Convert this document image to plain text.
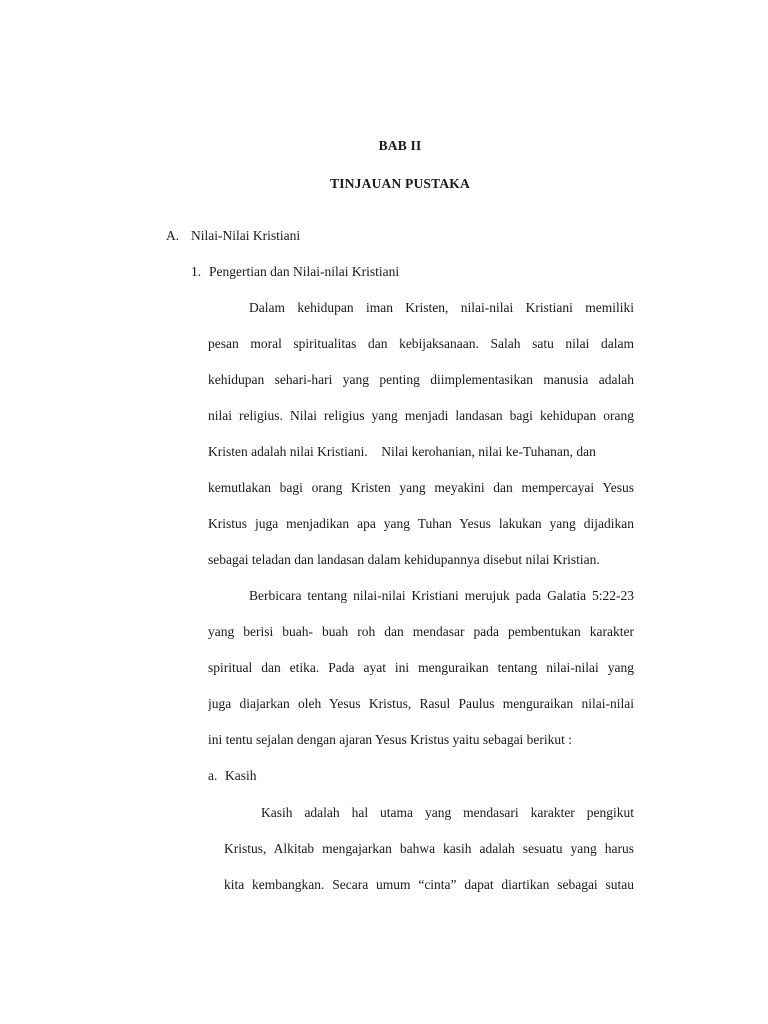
BAB II
TINJAUAN PUSTAKA
A. Nilai-Nilai Kristiani
1. Pengertian dan Nilai-nilai Kristiani
Dalam kehidupan iman Kristen, nilai-nilai Kristiani memiliki
pesan moral spiritualitas dan kebijaksanaan. Salah satu nilai dalam
kehidupan sehari-hari yang penting diimplementasikan manusia adalah
nilai religius. Nilai religius yang menjadi landasan bagi kehidupan orang
Kristen adalah nilai Kristiani.    Nilai kerohanian, nilai ke-Tuhanan, dan
kemutlakan bagi orang Kristen yang meyakini dan mempercayai Yesus
Kristus juga menjadikan apa yang Tuhan Yesus lakukan yang dijadikan
sebagai teladan dan landasan dalam kehidupannya disebut nilai Kristian.
Berbicara tentang nilai-nilai Kristiani merujuk pada Galatia 5:22-23
yang berisi buah- buah roh dan mendasar pada pembentukan karakter
spiritual dan etika. Pada ayat ini menguraikan tentang nilai-nilai yang
juga diajarkan oleh Yesus Kristus, Rasul Paulus menguraikan nilai-nilai
ini tentu sejalan dengan ajaran Yesus Kristus yaitu sebagai berikut :
a. Kasih
Kasih adalah hal utama yang mendasari karakter pengikut
Kristus, Alkitab mengajarkan bahwa kasih adalah sesuatu yang harus
kita kembangkan. Secara umum “cinta” dapat diartikan sebagai sutau
